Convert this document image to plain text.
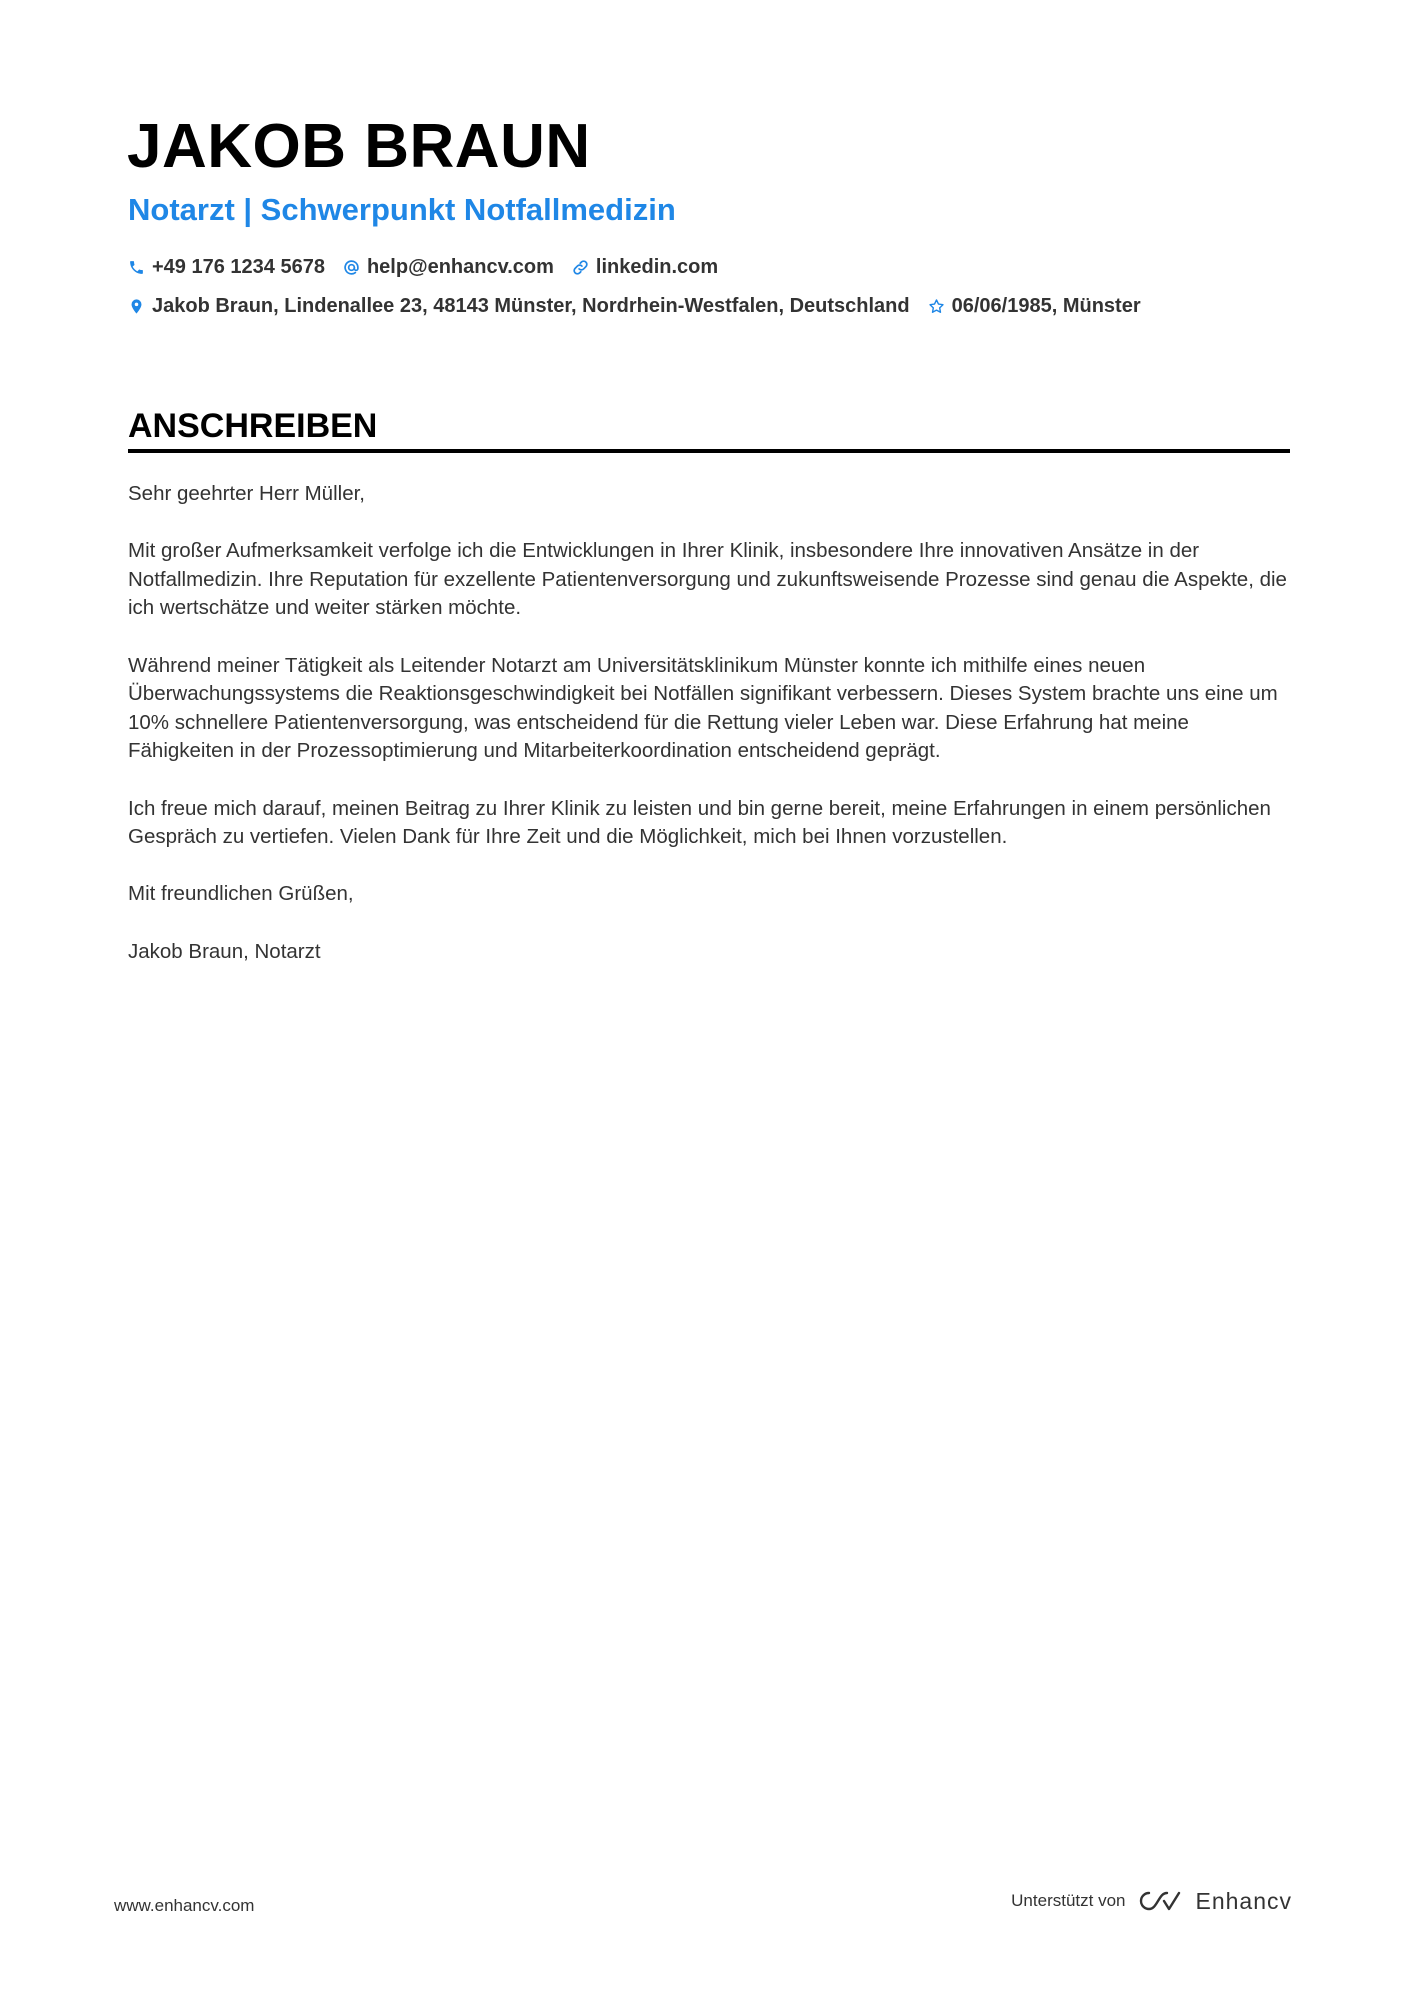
JAKOB BRAUN
Notarzt | Schwerpunkt Notfallmedizin
+49 176 1234 5678 help@enhancv.com linkedin.com
Jakob Braun, Lindenallee 23, 48143 Münster, Nordrhein-Westfalen, Deutschland 06/06/1985, Münster
ANSCHREIBEN

Sehr geehrter Herr Müller,

Mit großer Aufmerksamkeit verfolge ich die Entwicklungen in Ihrer Klinik, insbesondere Ihre innovativen Ansätze in der Notfallmedizin. Ihre Reputation für exzellente Patientenversorgung und zukunftsweisende Prozesse sind genau die Aspekte, die ich wertschätze und weiter stärken möchte.

Während meiner Tätigkeit als Leitender Notarzt am Universitätsklinikum Münster konnte ich mithilfe eines neuen Überwachungssystems die Reaktionsgeschwindigkeit bei Notfällen signifikant verbessern. Dieses System brachte uns eine um 10% schnellere Patientenversorgung, was entscheidend für die Rettung vieler Leben war. Diese Erfahrung hat meine Fähigkeiten in der Prozessoptimierung und Mitarbeiterkoordination entscheidend geprägt.

Ich freue mich darauf, meinen Beitrag zu Ihrer Klinik zu leisten und bin gerne bereit, meine Erfahrungen in einem persönlichen Gespräch zu vertiefen. Vielen Dank für Ihre Zeit und die Möglichkeit, mich bei Ihnen vorzustellen.

Mit freundlichen Grüßen,

Jakob Braun, Notarzt

www.enhancv.com	Unterstützt von	Enhancv
